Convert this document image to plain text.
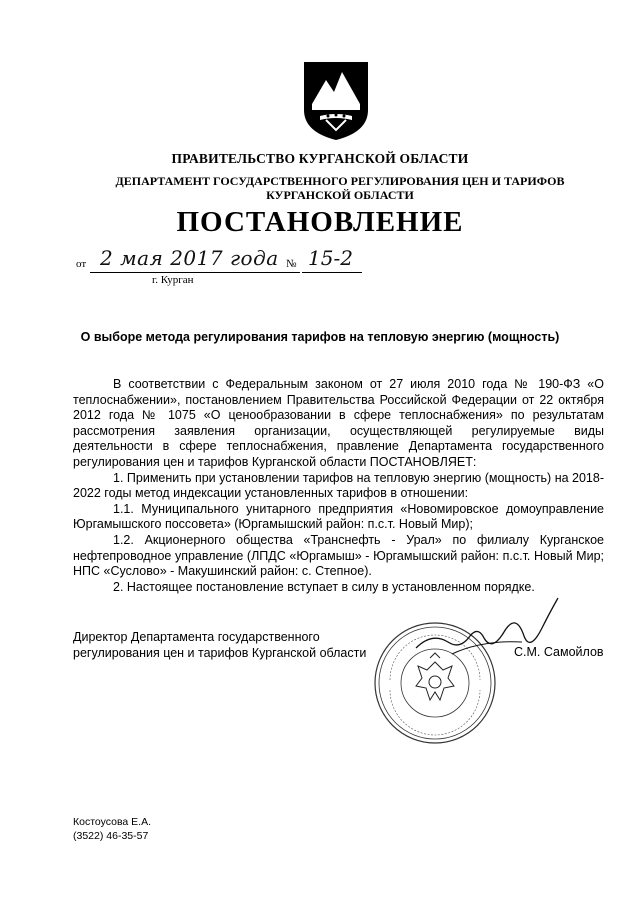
ПРАВИТЕЛЬСТВО КУРГАНСКОЙ ОБЛАСТИ
ДЕПАРТАМЕНТ ГОСУДАРСТВЕННОГО РЕГУЛИРОВАНИЯ ЦЕН И ТАРИФОВ
КУРГАНСКОЙ ОБЛАСТИ
ПОСТАНОВЛЕНИЕ
от 2 мая 2017 года № 15-2
г. Курган
О выборе метода регулирования тарифов на тепловую энергию (мощность)

В соответствии с Федеральным законом от 27 июля 2010 года № 190-ФЗ «О теплоснабжении», постановлением Правительства Российской Федерации от 22 октября 2012 года № 1075 «О ценообразовании в сфере теплоснабжения» по результатам рассмотрения заявления организации, осуществляющей регулируемые виды деятельности в сфере теплоснабжения, правление Департамента государственного регулирования цен и тарифов Курганской области ПОСТАНОВЛЯЕТ:

1. Применить при установлении тарифов на тепловую энергию (мощность) на 2018-2022 годы метод индексации установленных тарифов в отношении:

1.1. Муниципального унитарного предприятия «Новомировское домоуправление Юргамышского поссовета» (Юргамышский район: п.с.т. Новый Мир);

1.2. Акционерного общества «Транснефть - Урал» по филиалу Курганское нефтепроводное управление (ЛПДС «Юргамыш» - Юргамышский район: п.с.т. Новый Мир; НПС «Суслово» - Макушинский район: с. Степное).

2. Настоящее постановление вступает в силу в установленном порядке.

Директор Департамента государственного
регулирования цен и тарифов Курганской области	С.М. Самойлов
Костоусова Е.А.
(3522) 46-35-57
